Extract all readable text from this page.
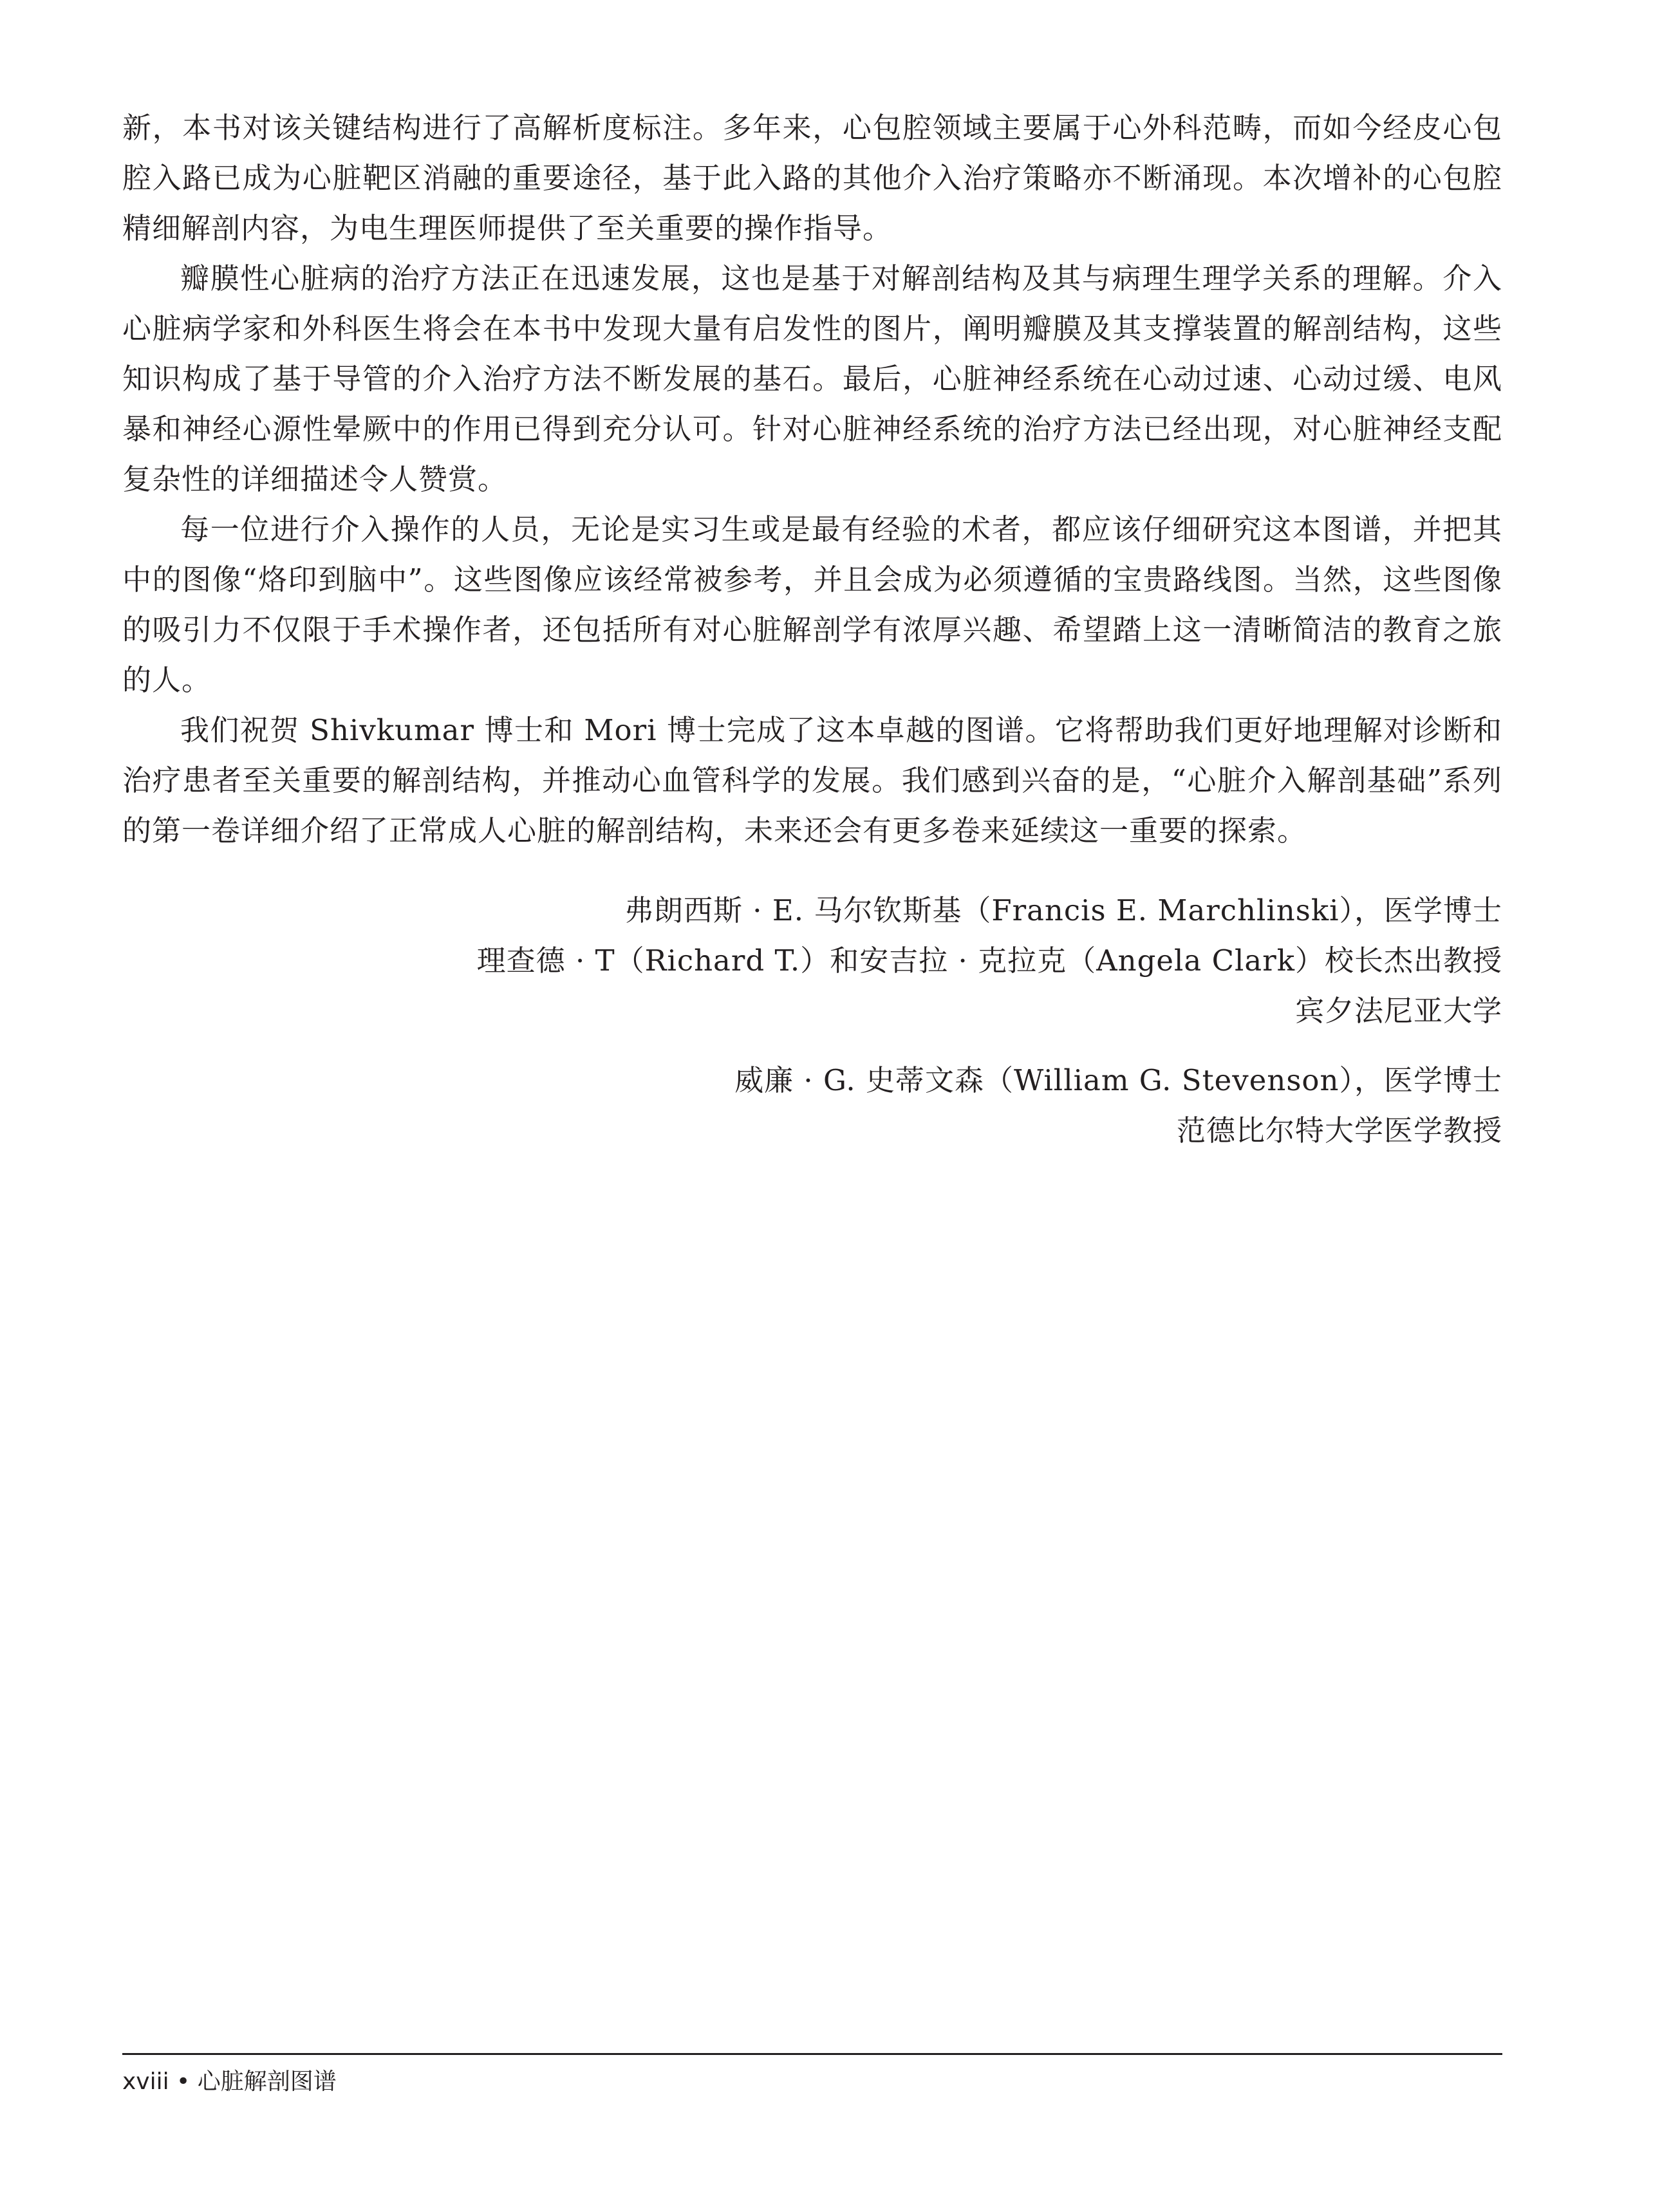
新，本书对该关键结构进行了高解析度标注。多年来，心包腔领域主要属于心外科范畴，而如今经皮心包腔入路已成为心脏靶区消融的重要途径，基于此入路的其他介入治疗策略亦不断涌现。本次增补的心包腔精细解剖内容，为电生理医师提供了至关重要的操作指导。

瓣膜性心脏病的治疗方法正在迅速发展，这也是基于对解剖结构及其与病理生理学关系的理解。介入心脏病学家和外科医生将会在本书中发现大量有启发性的图片，阐明瓣膜及其支撑装置的解剖结构，这些知识构成了基于导管的介入治疗方法不断发展的基石。最后，心脏神经系统在心动过速、心动过缓、电风暴和神经心源性晕厥中的作用已得到充分认可。针对心脏神经系统的治疗方法已经出现，对心脏神经支配复杂性的详细描述令人赞赏。

每一位进行介入操作的人员，无论是实习生或是最有经验的术者，都应该仔细研究这本图谱，并把其中的图像“烙印到脑中”。这些图像应该经常被参考，并且会成为必须遵循的宝贵路线图。当然，这些图像的吸引力不仅限于手术操作者，还包括所有对心脏解剖学有浓厚兴趣、希望踏上这一清晰简洁的教育之旅的人。

我们祝贺 Shivkumar 博士和 Mori 博士完成了这本卓越的图谱。它将帮助我们更好地理解对诊断和治疗患者至关重要的解剖结构，并推动心血管科学的发展。我们感到兴奋的是，“心脏介入解剖基础”系列的第一卷详细介绍了正常成人心脏的解剖结构，未来还会有更多卷来延续这一重要的探索。

弗朗西斯 · E. 马尔钦斯基（Francis E. Marchlinski），医学博士
理查德 · T（Richard T.）和安吉拉 · 克拉克（Angela Clark）校长杰出教授
宾夕法尼亚大学
威廉 · G. 史蒂文森（William G. Stevenson），医学博士
范德比尔特大学医学教授
xviii • 心脏解剖图谱
